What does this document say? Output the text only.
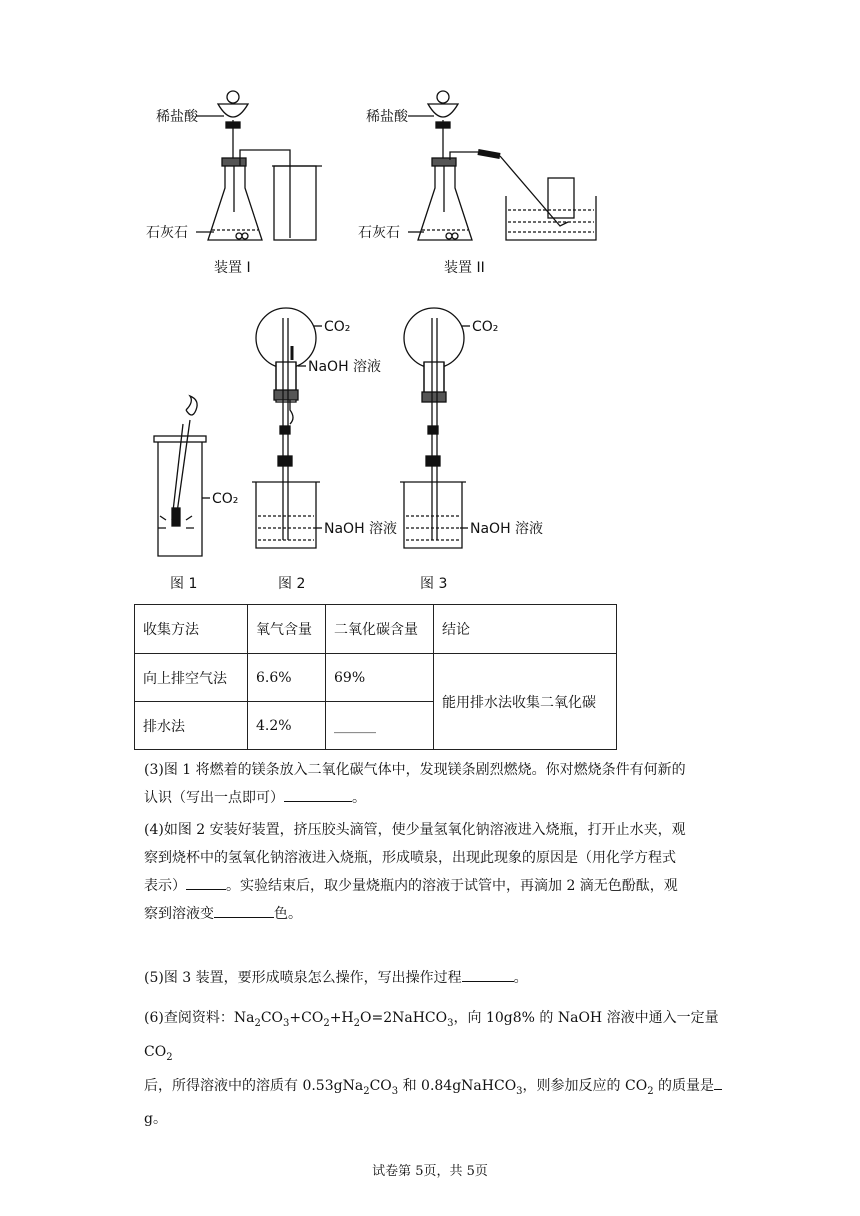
稀盐酸
石灰石
装置 I
稀盐酸
石灰石
装置 II
CO₂
图 1
CO₂
NaOH 溶液
NaOH 溶液
图 2
CO₂
NaOH 溶液
图 3
收集方法	氧气含量	二氧化碳含量	结论
向上排空气法	6.6%	69%	能用排水法收集二氧化碳
排水法	4.2%	______	
(3)图 1 将燃着的镁条放入二氧化碳气体中，发现镁条剧烈燃烧。你对燃烧条件有何新的
认识（写出一点即可）	。
(4)如图 2 安装好装置，挤压胶头滴管，使少量氢氧化钠溶液进入烧瓶，打开止水夹，观
察到烧杯中的氢氧化钠溶液进入烧瓶，形成喷泉，出现此现象的原因是（用化学方程式
表示）	。实验结束后，取少量烧瓶内的溶液于试管中，再滴加 2 滴无色酚酞，观
察到溶液变	色。
(5)图 3 装置，要形成喷泉怎么操作，写出操作过程	。
(6)查阅资料：$Na_2CO_3+CO_2+H_2O=2NaHCO_3$，向 10g8% 的 NaOH 溶液中通入一定量 $CO_2$
后，所得溶液中的溶质有 $0.53gNa_2CO_3$ 和 0.84gNaHCO$_3$，则参加反应的 $CO_2$ 的质量是
g。
试卷第 5页，共 5页
